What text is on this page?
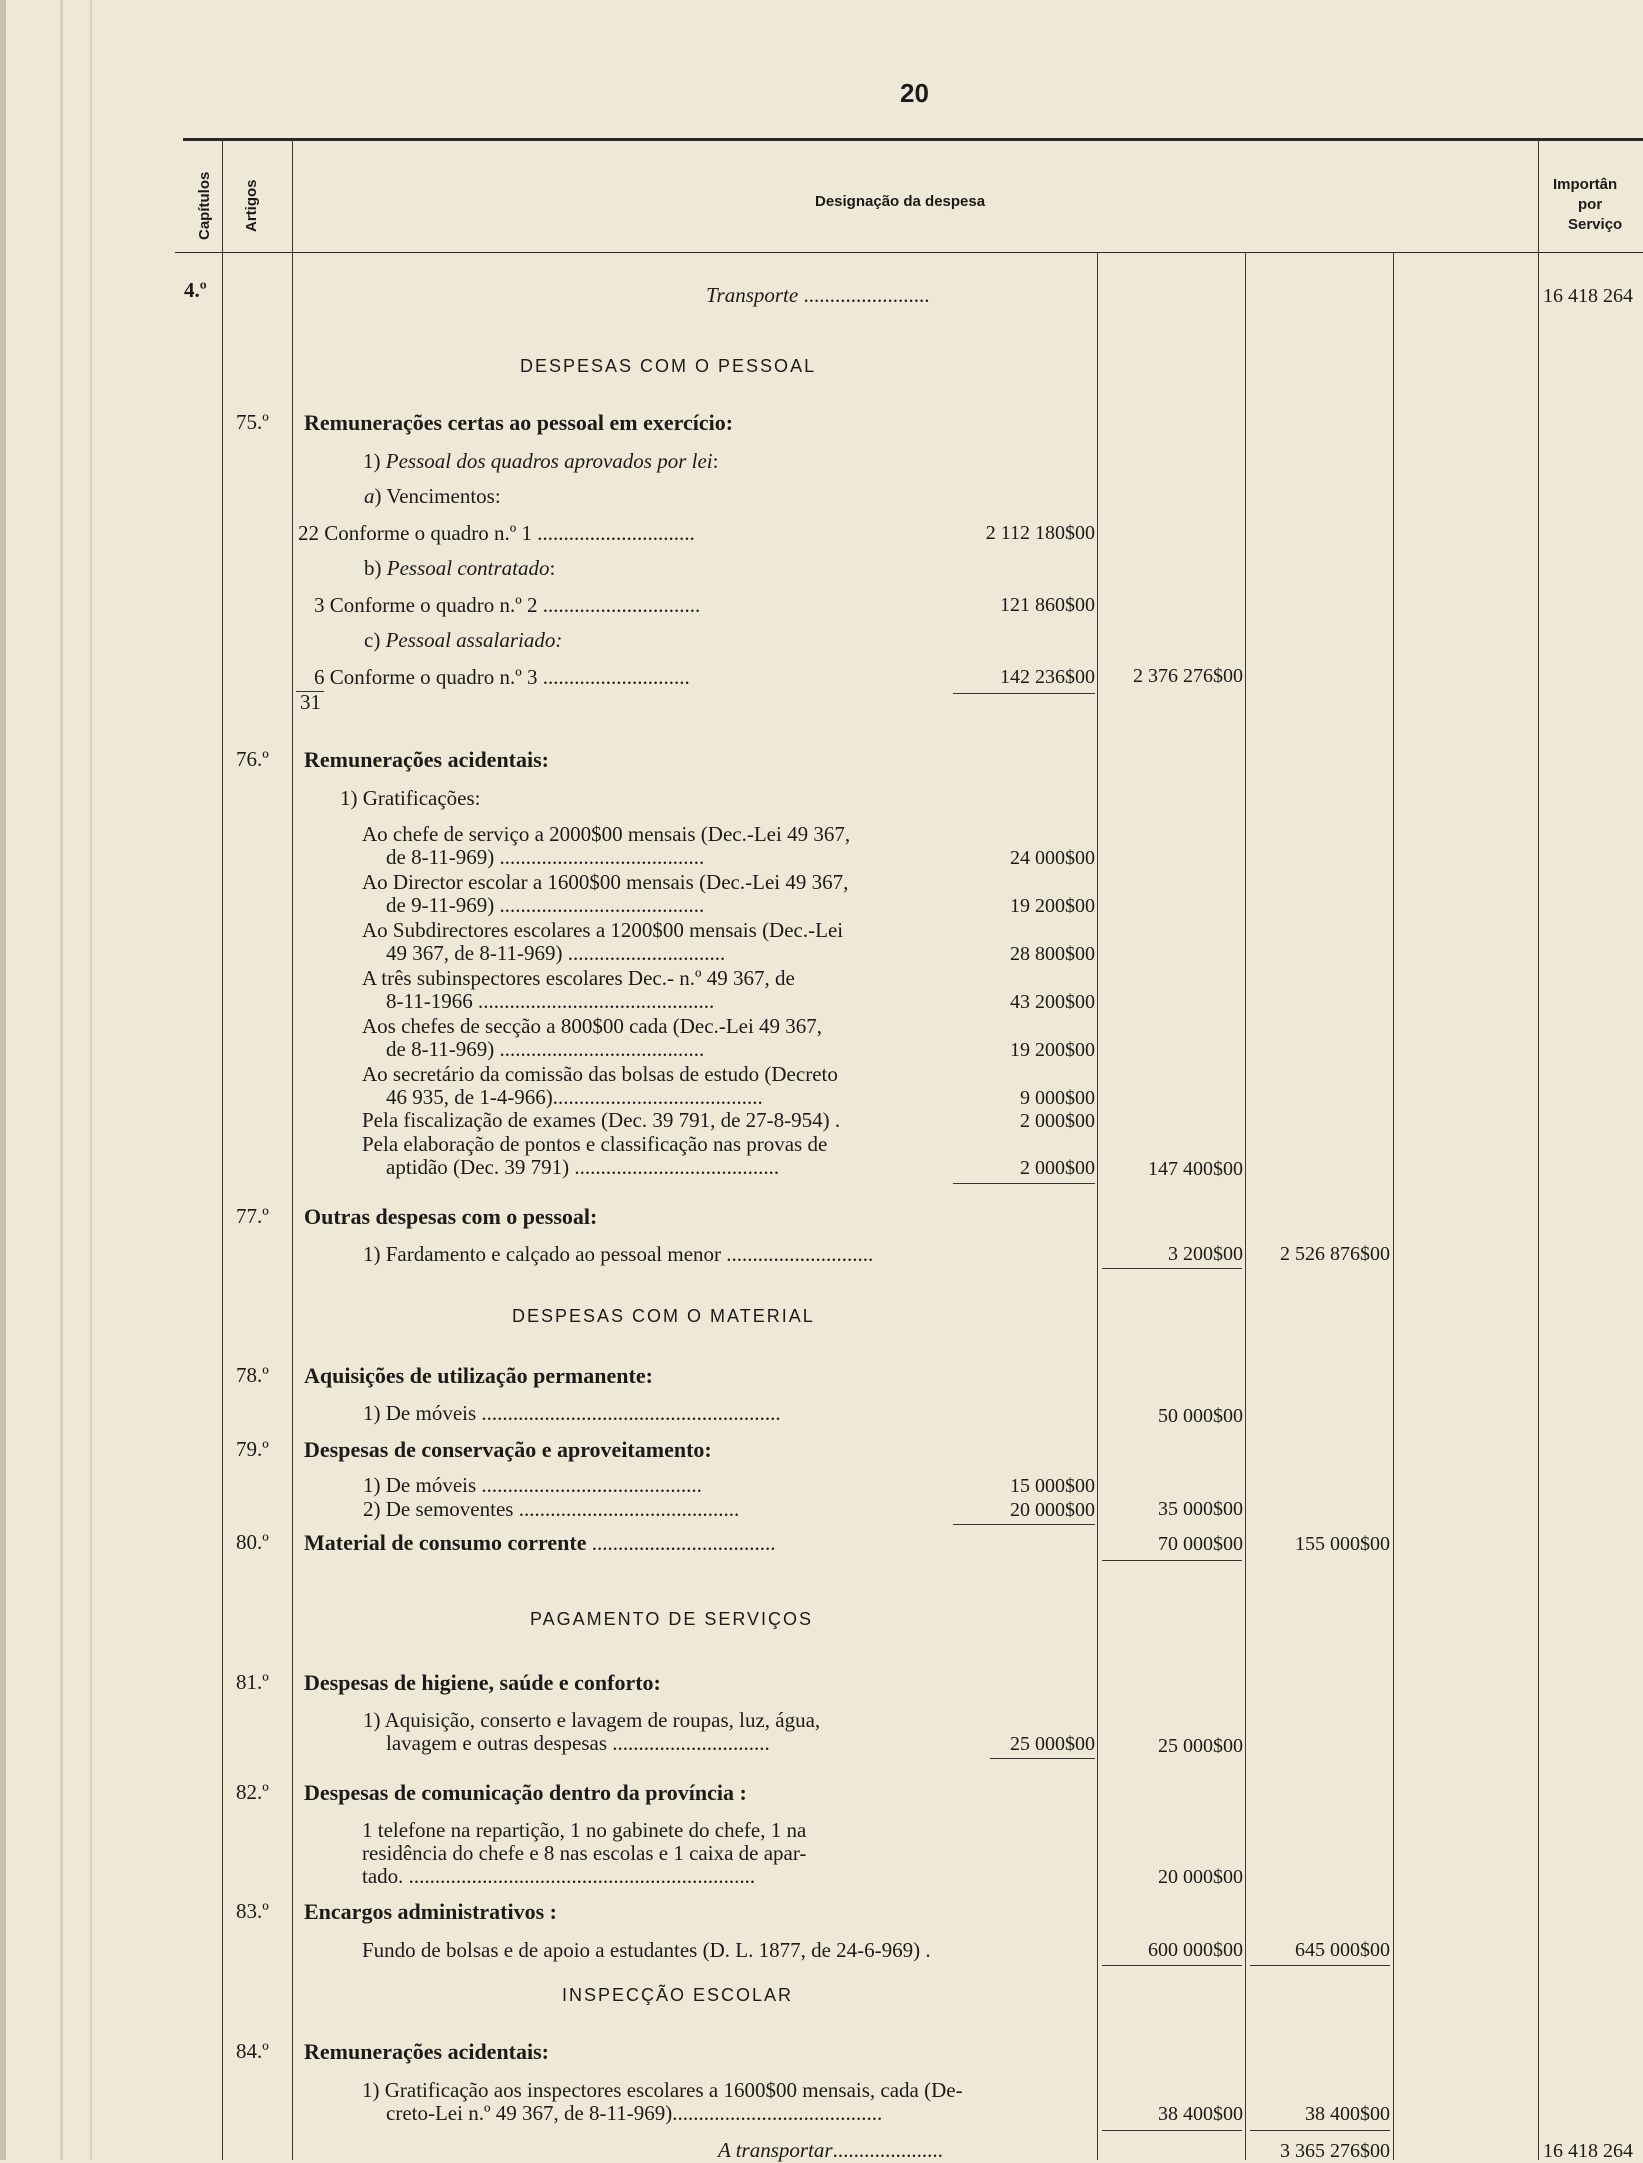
20
Capítulos Artigos	Designação da despesa
Importân
por
Serviço
4.º	Transporte ........................	16 418 264
DESPESAS COM O PESSOAL
75.º Remunerações certas ao pessoal em exercício:
1) Pessoal dos quadros aprovados por lei:
a) Vencimentos:
22 Conforme o quadro n.º 1 ..............................	2 112 180$00
b) Pessoal contratado:
3 Conforme o quadro n.º 2 ..............................	121 860$00
c) Pessoal assalariado:
6 Conforme o quadro n.º 3 ............................	142 236$00 2 376 276$00
31
76.º Remunerações acidentais:
1) Gratificações:
Ao chefe de serviço a 2000$00 mensais (Dec.-Lei 49 367,
de 8-11-969) .......................................	24 000$00
Ao Director escolar a 1600$00 mensais (Dec.-Lei 49 367,
de 9-11-969) .......................................	19 200$00
Ao Subdirectores escolares a 1200$00 mensais (Dec.-Lei
49 367, de 8-11-969) ..............................	28 800$00
A três subinspectores escolares Dec.- n.º 49 367, de
8-11-1966 .............................................	43 200$00
Aos chefes de secção a 800$00 cada (Dec.-Lei 49 367,
de 8-11-969) .......................................	19 200$00
Ao secretário da comissão das bolsas de estudo (Decreto
46 935, de 1-4-966)........................................	9 000$00
Pela fiscalização de exames (Dec. 39 791, de 27-8-954) .	2 000$00
Pela elaboração de pontos e classificação nas provas de
aptidão (Dec. 39 791) .......................................	2 000$00	147 400$00
77.º Outras despesas com o pessoal:
1) Fardamento e calçado ao pessoal menor ............................	3 200$00 2 526 876$00
DESPESAS COM O MATERIAL
78.º Aquisições de utilização permanente:
1) De móveis .........................................................	50 000$00
79.º Despesas de conservação e aproveitamento:
1) De móveis ..........................................	15 000$00
2) De semoventes ..........................................	20 000$00	35 000$00
80.º Material de consumo corrente ...................................	70 000$00	155 000$00
PAGAMENTO DE SERVIÇOS
81.º Despesas de higiene, saúde e conforto:
1) Aquisição, conserto e lavagem de roupas, luz, água,
lavagem e outras despesas ..............................	25 000$00	25 000$00
82.º Despesas de comunicação dentro da província :
1 telefone na repartição, 1 no gabinete do chefe, 1 na
residência do chefe e 8 nas escolas e 1 caixa de apar-
tado. ..................................................................	20 000$00
83.º Encargos administrativos :
Fundo de bolsas e de apoio a estudantes (D. L. 1877, de 24-6-969) .	600 000$00	645 000$00
INSPECÇÃO ESCOLAR
84.º Remunerações acidentais:
1) Gratificação aos inspectores escolares a 1600$00 mensais, cada (De-
creto-Lei n.º 49 367, de 8-11-969)........................................	38 400$00	38 400$00
A transportar.....................	3 365 276$00	16 418 264
